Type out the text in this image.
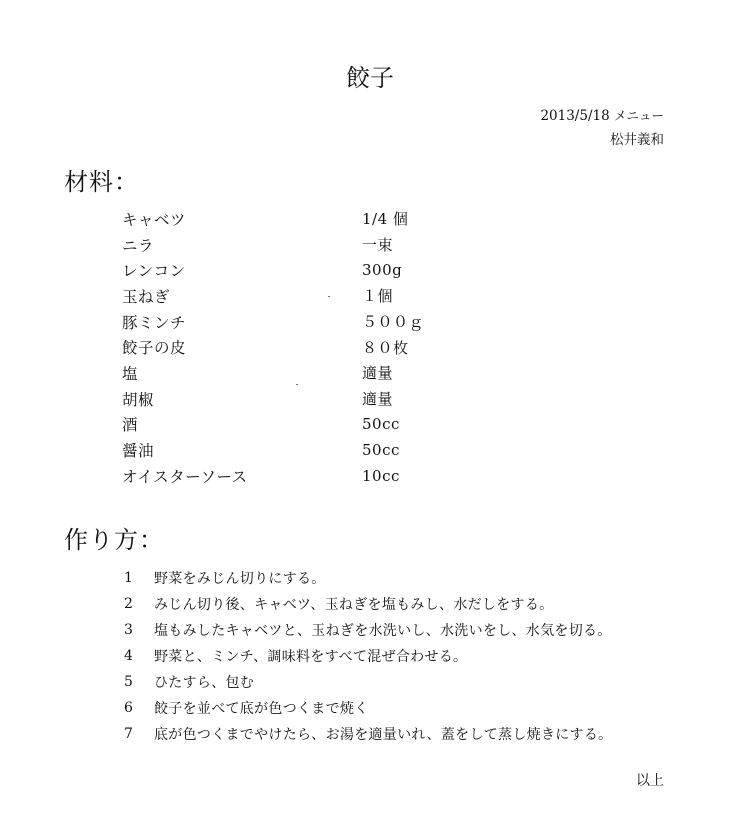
餃子
2013/5/18 メニュー
松井義和
材料：
キャベツ	1/4 個
ニラ	一束
レンコン	300g
玉ねぎ	１個
豚ミンチ	５００ｇ
餃子の皮	８０枚
塩	適量
胡椒	適量
酒	50cc
醤油	50cc
オイスターソース	10cc
作り方：
1	野菜をみじん切りにする。
2	みじん切り後、キャベツ、玉ねぎを塩もみし、水だしをする。
3	塩もみしたキャベツと、玉ねぎを水洗いし、水洗いをし、水気を切る。
4	野菜と、ミンチ、調味料をすべて混ぜ合わせる。
5	ひたすら、包む
6	餃子を並べて底が色つくまで焼く
7	底が色つくまでやけたら、お湯を適量いれ、蓋をして蒸し焼きにする。
以上
